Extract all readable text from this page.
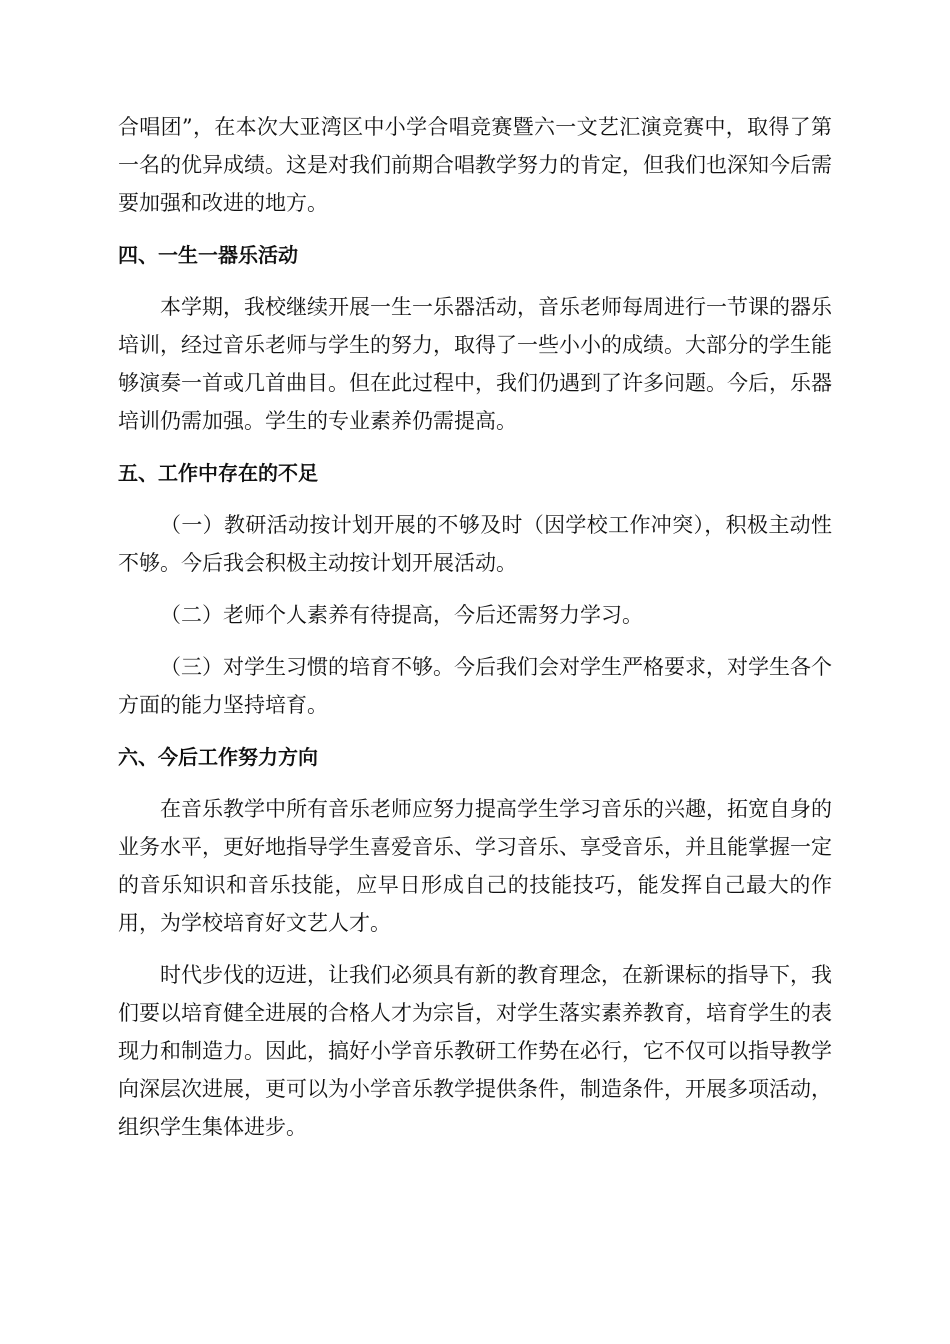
合唱团”，在本次大亚湾区中小学合唱竞赛暨六一文艺汇演竞赛中，取得了第一名的优异成绩。这是对我们前期合唱教学努力的肯定，但我们也深知今后需要加强和改进的地方。

四、一生一器乐活动

本学期，我校继续开展一生一乐器活动，音乐老师每周进行一节课的器乐培训，经过音乐老师与学生的努力，取得了一些小小的成绩。大部分的学生能够演奏一首或几首曲目。但在此过程中，我们仍遇到了许多问题。今后，乐器培训仍需加强。学生的专业素养仍需提高。

五、工作中存在的不足

（一）教研活动按计划开展的不够及时（因学校工作冲突），积极主动性不够。今后我会积极主动按计划开展活动。

（二）老师个人素养有待提高，今后还需努力学习。

（三）对学生习惯的培育不够。今后我们会对学生严格要求，对学生各个方面的能力坚持培育。

六、今后工作努力方向

在音乐教学中所有音乐老师应努力提高学生学习音乐的兴趣，拓宽自身的业务水平，更好地指导学生喜爱音乐、学习音乐、享受音乐，并且能掌握一定的音乐知识和音乐技能，应早日形成自己的技能技巧，能发挥自己最大的作用，为学校培育好文艺人才。

时代步伐的迈进，让我们必须具有新的教育理念，在新课标的指导下，我们要以培育健全进展的合格人才为宗旨，对学生落实素养教育，培育学生的表现力和制造力。因此，搞好小学音乐教研工作势在必行，它不仅可以指导教学向深层次进展，更可以为小学音乐教学提供条件，制造条件，开展多项活动，组织学生集体进步。
